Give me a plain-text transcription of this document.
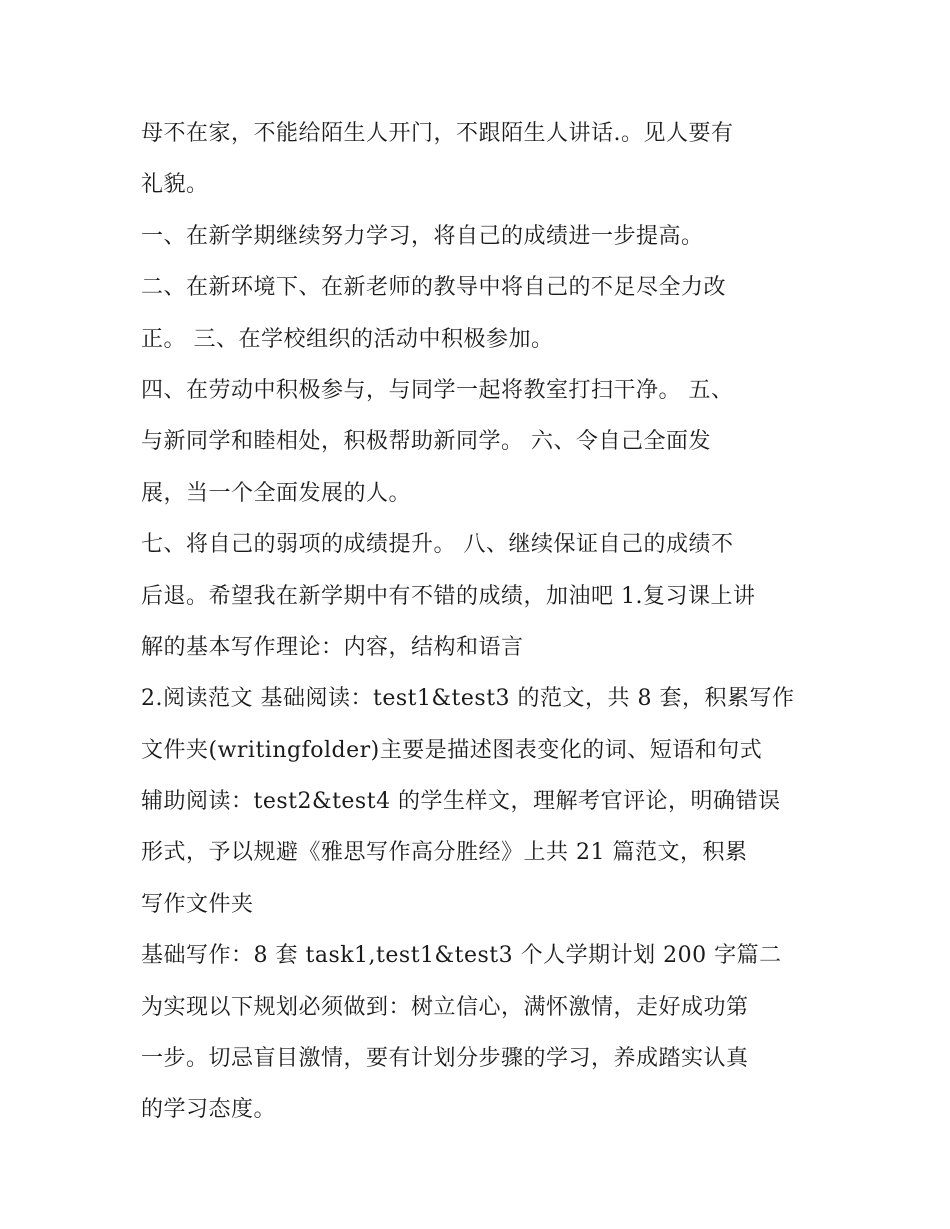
母不在家，不能给陌生人开门，不跟陌生人讲话.。见人要有
礼貌。
一、在新学期继续努力学习，将自己的成绩进一步提高。
二、在新环境下、在新老师的教导中将自己的不足尽全力改
正。 三、在学校组织的活动中积极参加。
四、在劳动中积极参与，与同学一起将教室打扫干净。 五、
与新同学和睦相处，积极帮助新同学。 六、令自己全面发
展，当一个全面发展的人。
七、将自己的弱项的成绩提升。 八、继续保证自己的成绩不
后退。希望我在新学期中有不错的成绩，加油吧 1.复习课上讲
解的基本写作理论：内容，结构和语言
2.阅读范文 基础阅读：test1&test3 的范文，共 8 套，积累写作
文件夹(writingfolder)主要是描述图表变化的词、短语和句式
辅助阅读：test2&test4 的学生样文，理解考官评论，明确错误
形式，予以规避《雅思写作高分胜经》上共 21 篇范文，积累
写作文件夹
基础写作：8 套 task1,test1&test3 个人学期计划 200 字篇二
为实现以下规划必须做到：树立信心，满怀激情，走好成功第
一步。切忌盲目激情，要有计划分步骤的学习，养成踏实认真
的学习态度。
